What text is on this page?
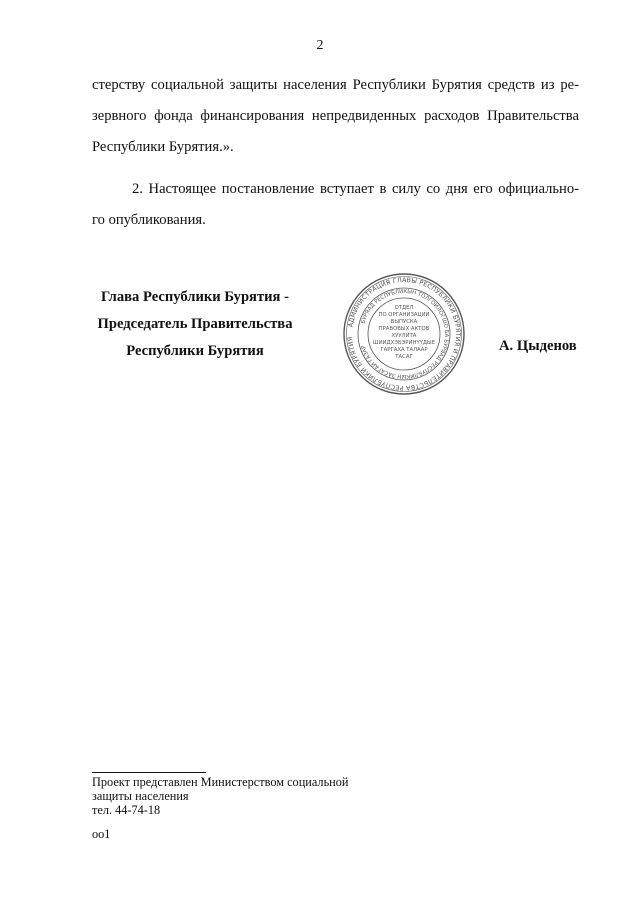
2
стерству социальной защиты населения Республики Бурятия средств из ре-
зервного фонда финансирования непредвиденных расходов Правительства
Республики Бурятия.».
2. Настоящее постановление вступает в силу со дня его официально-
го опубликования.
Глава Республики Бурятия -
Председатель Правительства
Республики Бурятия
АДМИНИСТРАЦИЯ ГЛАВЫ РЕСПУБЛИКИ БУРЯТИЯ И ПРАВИТЕЛЬСТВА РЕСПУБЛИКИ БУРЯТИЯ
БУРЯАД РЕСПУБЛИКЫН ТОЛГОЙЛОГШО БА БУРЯАД РЕСПУБЛИКЫН ЗАСАГАЙ ГАЗАР
ОТДЕЛ
ПО ОРГАНИЗАЦИИ
ВЫПУСКА
ПРАВОВЫХ АКТОВ
ХУУЛИТА
ШИИДХЭБЭРИНҮҮДЫЕ
ГАРГАХА ТАЛААР
ТАСАГ
А. Цыденов
Проект представлен Министерством социальной
защиты населения
тел. 44-74-18
оо1
